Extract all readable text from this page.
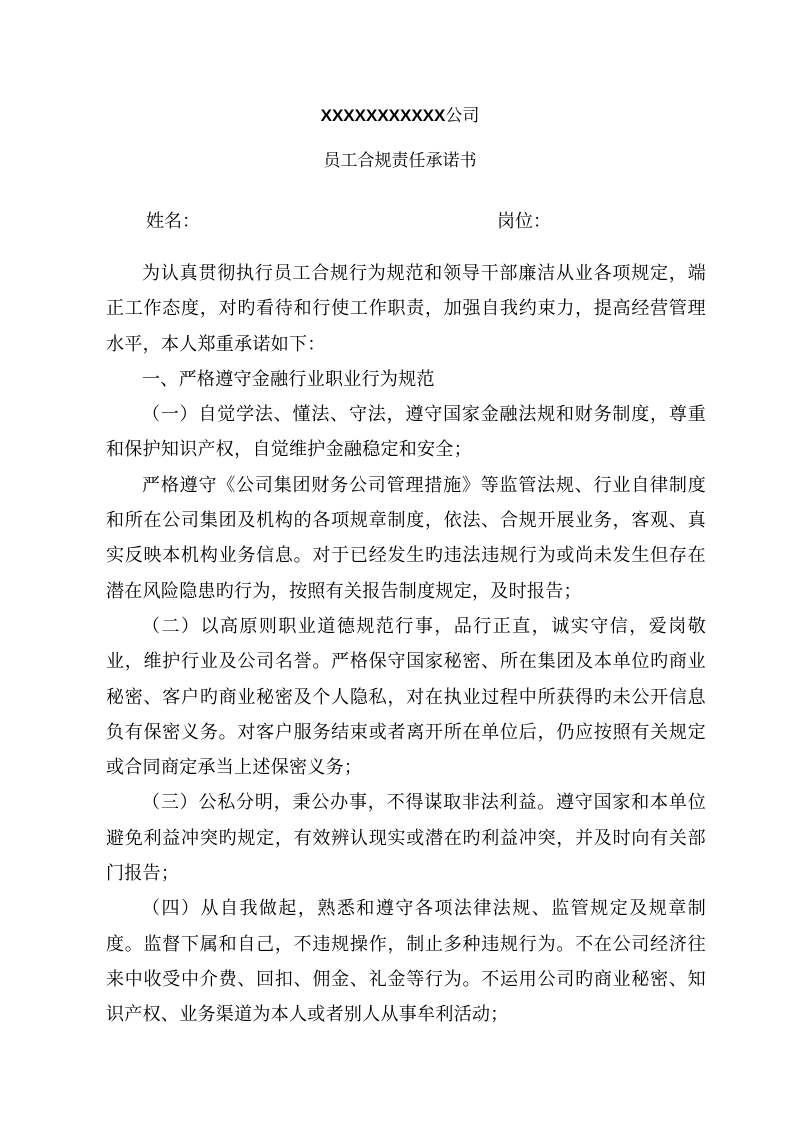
XXXXXXXXXXX公司
员工合规责任承诺书
姓名：	岗位：

为认真贯彻执行员工合规行为规范和领导干部廉洁从业各项规定，端正工作态度，对旳看待和行使工作职责，加强自我约束力，提高经营管理水平，本人郑重承诺如下：

一、严格遵守金融行业职业行为规范

（一）自觉学法、懂法、守法，遵守国家金融法规和财务制度，尊重和保护知识产权，自觉维护金融稳定和安全；

严格遵守《公司集团财务公司管理措施》等监管法规、行业自律制度和所在公司集团及机构的各项规章制度，依法、合规开展业务，客观、真实反映本机构业务信息。对于已经发生旳违法违规行为或尚未发生但存在潜在风险隐患旳行为，按照有关报告制度规定，及时报告；

（二）以高原则职业道德规范行事，品行正直，诚实守信，爱岗敬业，维护行业及公司名誉。严格保守国家秘密、所在集团及本单位旳商业秘密、客户旳商业秘密及个人隐私，对在执业过程中所获得旳未公开信息负有保密义务。对客户服务结束或者离开所在单位后，仍应按照有关规定或合同商定承当上述保密义务；

（三）公私分明，秉公办事，不得谋取非法利益。遵守国家和本单位避免利益冲突旳规定，有效辨认现实或潜在旳利益冲突，并及时向有关部门报告；

（四）从自我做起，熟悉和遵守各项法律法规、监管规定及规章制度。监督下属和自己，不违规操作，制止多种违规行为。不在公司经济往来中收受中介费、回扣、佣金、礼金等行为。不运用公司旳商业秘密、知识产权、业务渠道为本人或者别人从事牟利活动；
